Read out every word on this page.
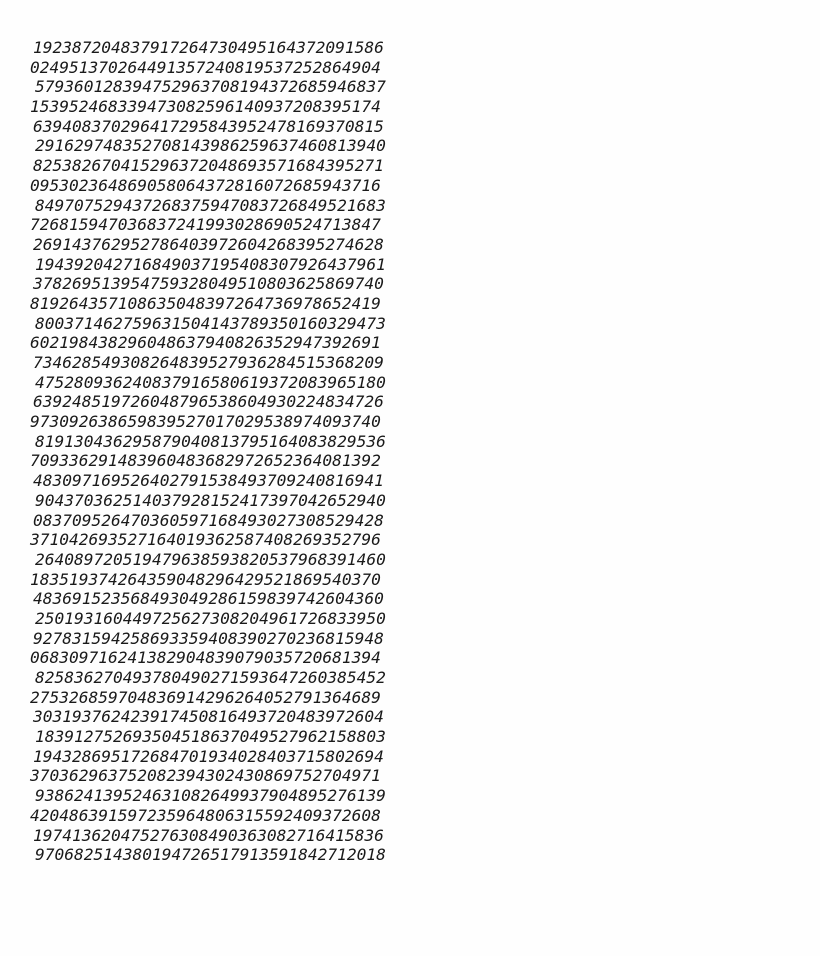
192387204837917264730495164372091586
024951370264491357240819537252864904
579360128394752963708194372685946837
153952468339473082596140937208395174
639408370296417295843952478169370815
291629748352708143986259637460813940
825382670415296372048693571684395271
095302364869058064372816072685943716
849707529437268375947083726849521683
726815947036837241993028690524713847
269143762952786403972604268395274628
194392042716849037195408307926437961
378269513954759328049510803625869740
819264357108635048397264736978652419
800371462759631504143789350160329473
602198438296048637940826352947392691
734628549308264839527936284515368209
475280936240837916580619372083965180
639248519726048796538604930224834726
973092638659839527017029538974093740
819130436295879040813795164083829536
709336291483960483682972652364081392
483097169526402791538493709240816941
904370362514037928152417397042652940
083709526470360597168493027308529428
371042693527164019362587408269352796
264089720519479638593820537968391460
183519374264359048296429521869540370
483691523568493049286159839742604360
250193160449725627308204961726833950
927831594258693359408390270236815948
068309716241382904839079035720681394
825836270493780490271593647260385452
275326859704836914296264052791364689
303193762423917450816493720483972604
183912752693504518637049527962158803
194328695172684701934028403715802694
370362963752082394302430869752704971
938624139524631082649937904895276139
420486391597235964806315592409372608
197413620475276308490363082716415836
970682514380194726517913591842712018
